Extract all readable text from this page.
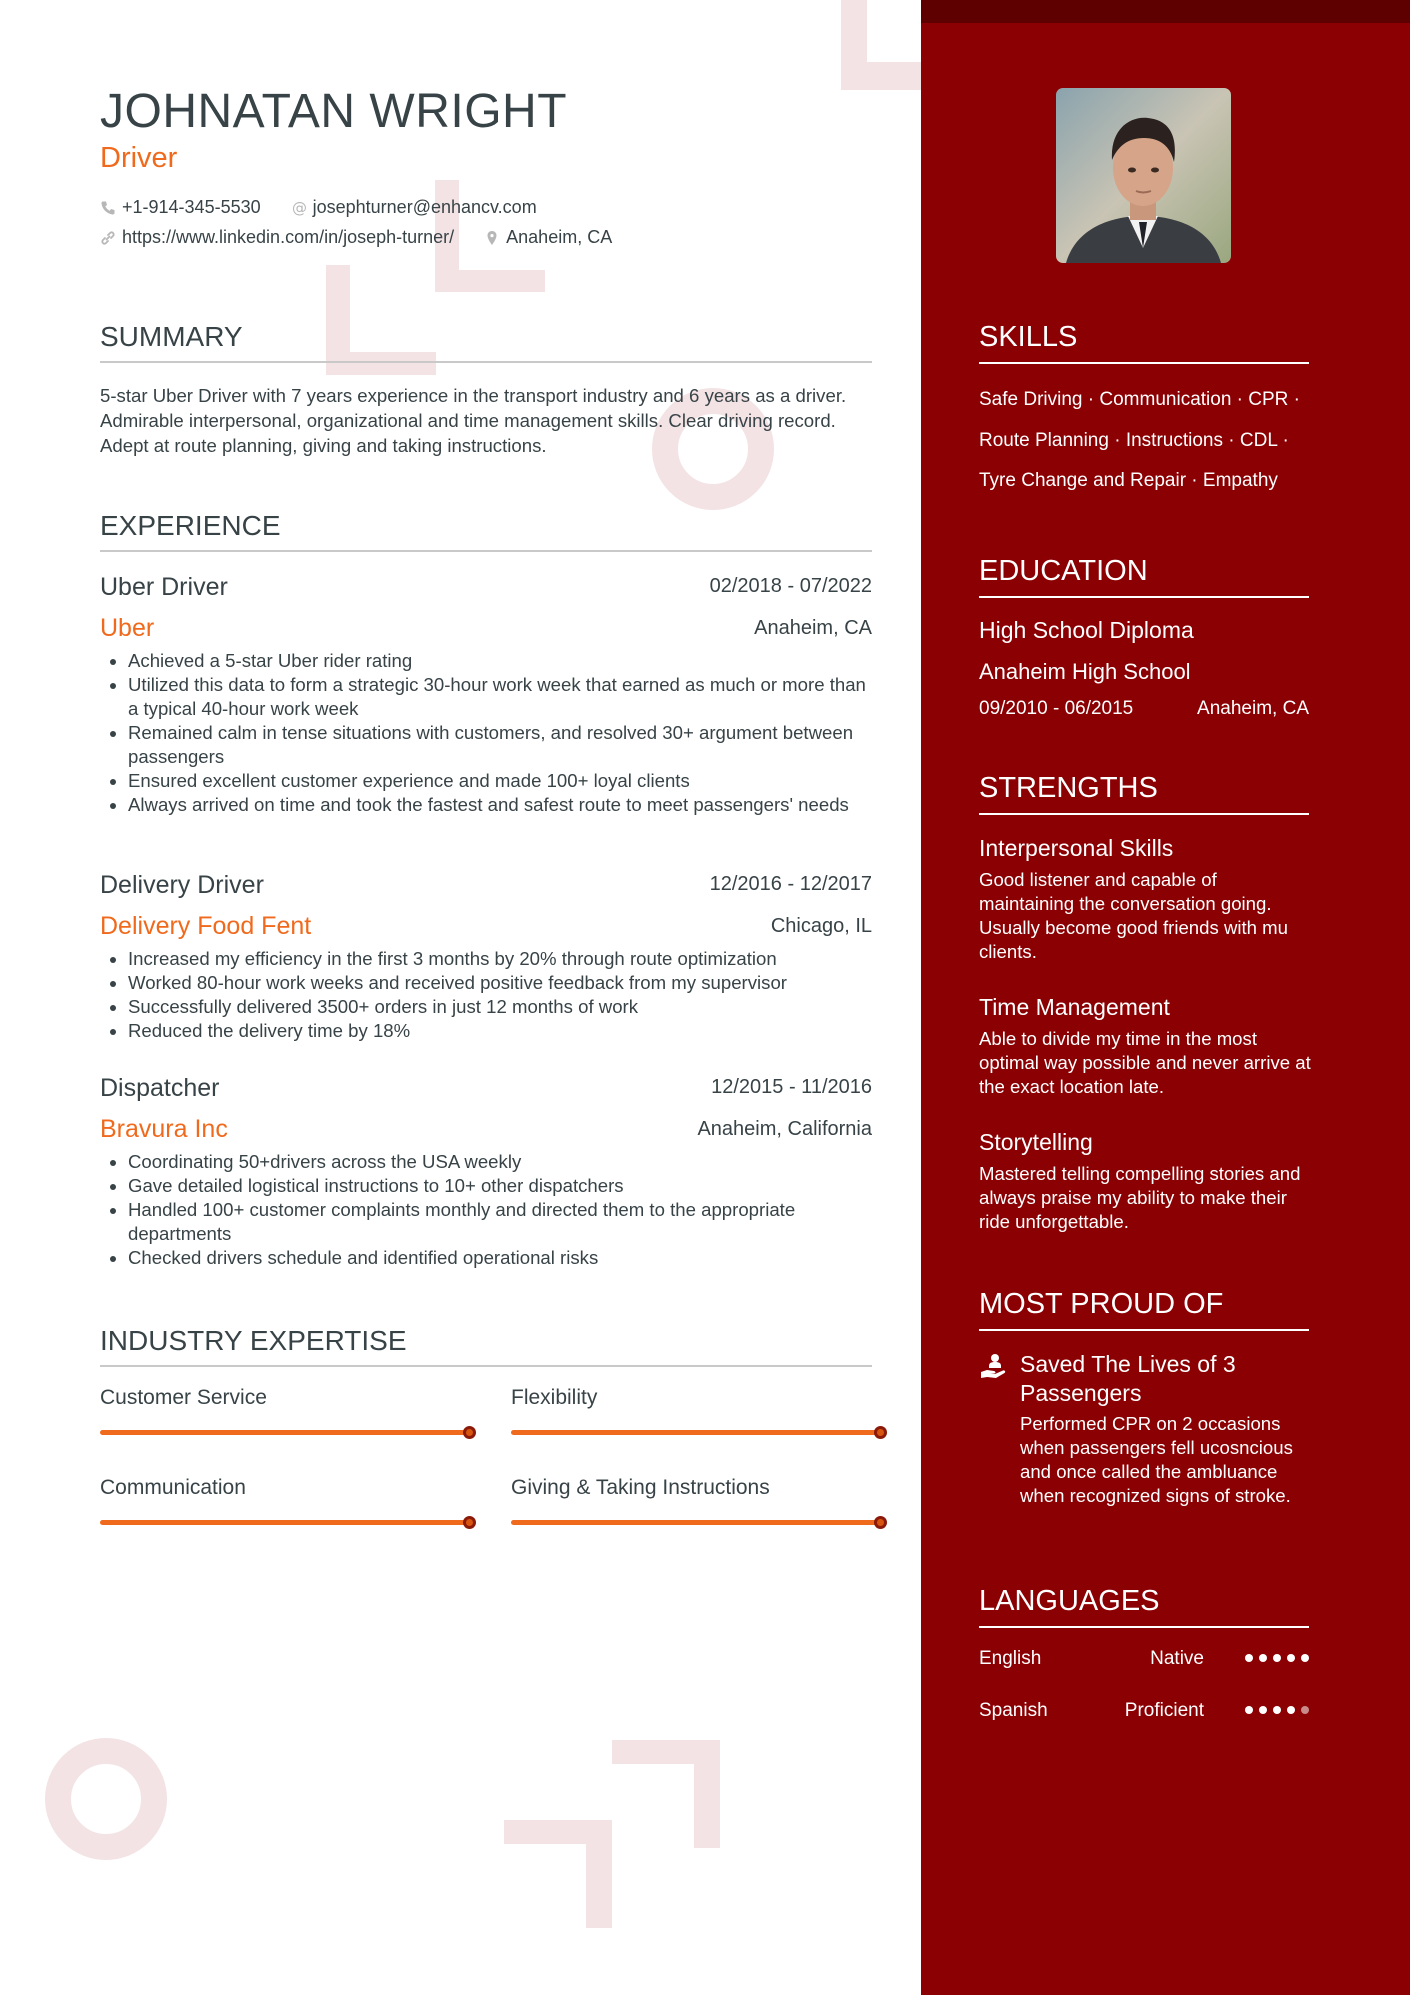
JOHNATAN WRIGHT
Driver
+1-914-345-5530 @ josephturner@enhancv.com
https://www.linkedin.com/in/joseph-turner/	Anaheim, CA
SUMMARY
5-star Uber Driver with 7 years experience in the transport industry and 6 years as a driver. Admirable interpersonal, organizational and time management skills. Clear driving record. Adept at route planning, giving and taking instructions.
EXPERIENCE
Uber Driver	02/2018 - 07/2022
Uber	Anaheim, CA
• Achieved a 5-star Uber rider rating
• Utilized this data to form a strategic 30-hour work week that earned as much or more than a typical 40-hour work week
• Remained calm in tense situations with customers, and resolved 30+ argument between passengers
• Ensured excellent customer experience and made 100+ loyal clients
• Always arrived on time and took the fastest and safest route to meet passengers' needs
Delivery Driver	12/2016 - 12/2017
Delivery Food Fent	Chicago, IL
• Increased my efficiency in the first 3 months by 20% through route optimization
• Worked 80-hour work weeks and received positive feedback from my supervisor
• Successfully delivered 3500+ orders in just 12 months of work
• Reduced the delivery time by 18%
Dispatcher	12/2015 - 11/2016
Bravura Inc	Anaheim, California
• Coordinating 50+drivers across the USA weekly
• Gave detailed logistical instructions to 10+ other dispatchers
• Handled 100+ customer complaints monthly and directed them to the appropriate departments
• Checked drivers schedule and identified operational risks
INDUSTRY EXPERTISE
Customer Service	Flexibility
Communication	Giving & Taking Instructions
SKILLS
Safe Driving · Communication · CPR ·
Route Planning · Instructions · CDL ·
Tyre Change and Repair · Empathy
EDUCATION
High School Diploma
Anaheim High School
09/2010 - 06/2015	Anaheim, CA
STRENGTHS
Interpersonal Skills
Good listener and capable of maintaining the conversation going. Usually become good friends with mu clients.
Time Management
Able to divide my time in the most optimal way possible and never arrive at the exact location late.
Storytelling
Mastered telling compelling stories and always praise my ability to make their ride unforgettable.
MOST PROUD OF
Saved The Lives of 3 Passengers
Performed CPR on 2 occasions when passengers fell ucosncious and once called the ambluance when recognized signs of stroke.
LANGUAGES
English	Native
Spanish	Proficient
